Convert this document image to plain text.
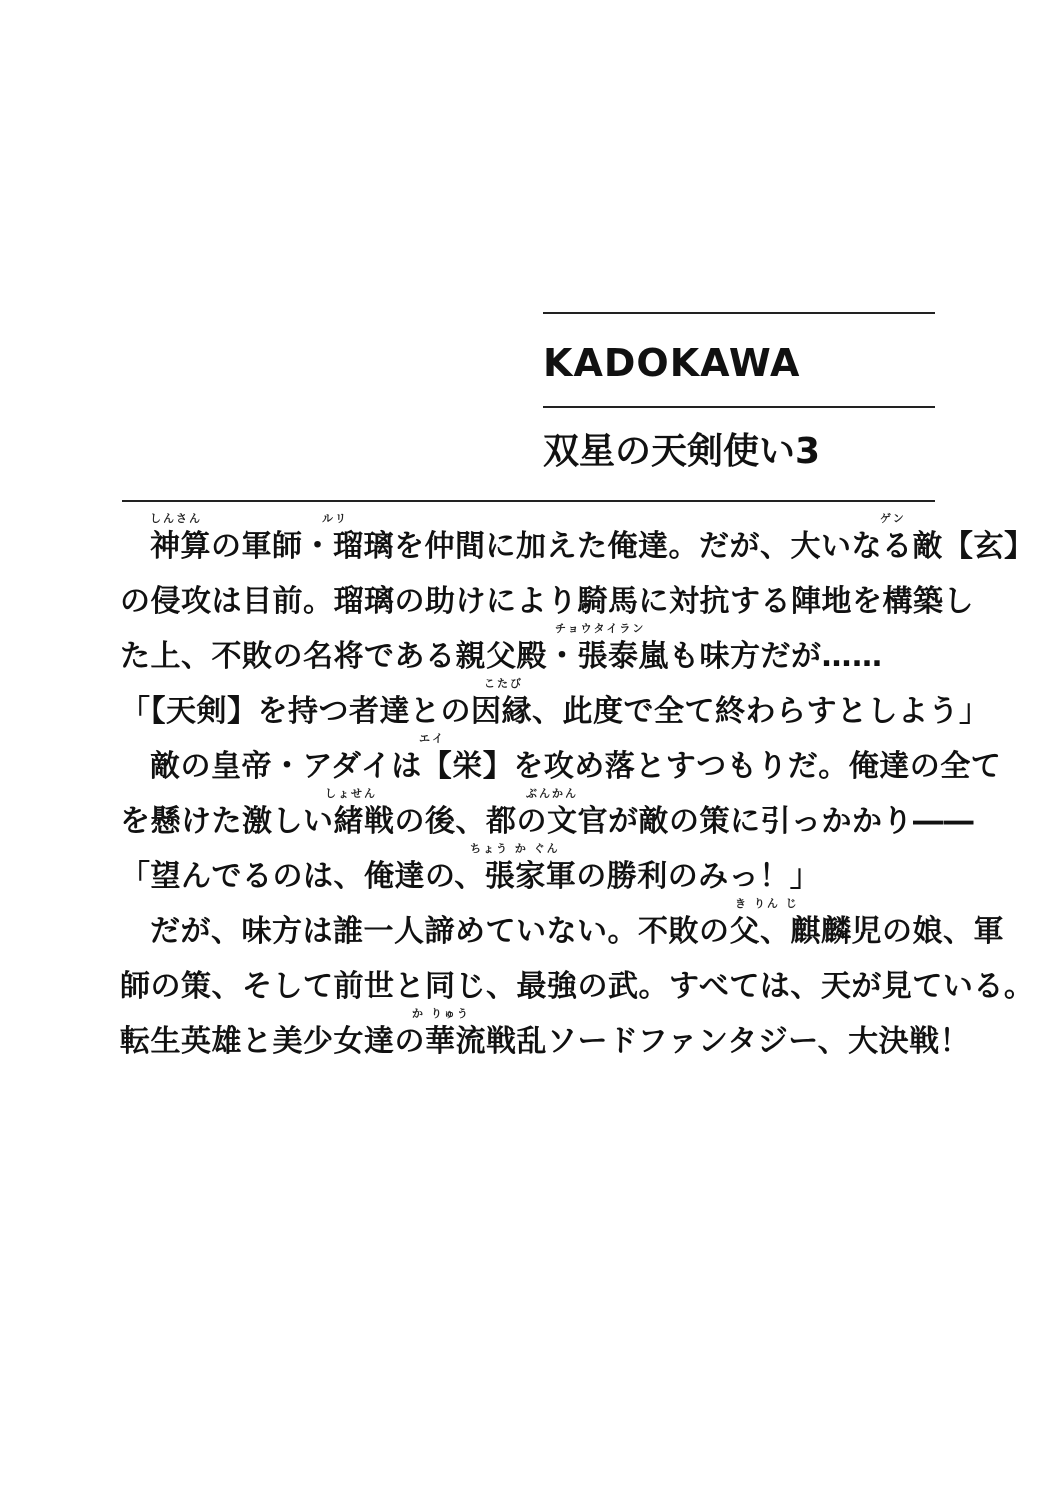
KADOKAWA
双星の天剣使い3
神算の軍師・瑠璃を仲間に加えた俺達。だが、大いなる敵【玄】
の侵攻は目前。瑠璃の助けにより騎馬に対抗する陣地を構築し
た上、不敗の名将である親父殿・張泰嵐も味方だが……
「【天剣】を持つ者達との因縁、此度で全て終わらすとしよう」
敵の皇帝・アダイは【栄】を攻め落とすつもりだ。俺達の全て
を懸けた激しい緒戦の後、都の文官が敵の策に引っかかり――
「望んでるのは、俺達の、張家軍の勝利のみっ！」
だが、味方は誰一人諦めていない。不敗の父、麒麟児の娘、軍
師の策、そして前世と同じ、最強の武。すべては、天が見ている。
転生英雄と美少女達の華流戦乱ソードファンタジー、大決戦！
しんさん	ルリ	ゲン
チョウタイラン
こたび
エイ
しょせん	ぶんかん
ちょう か ぐん
き りん じ
か りゅう
